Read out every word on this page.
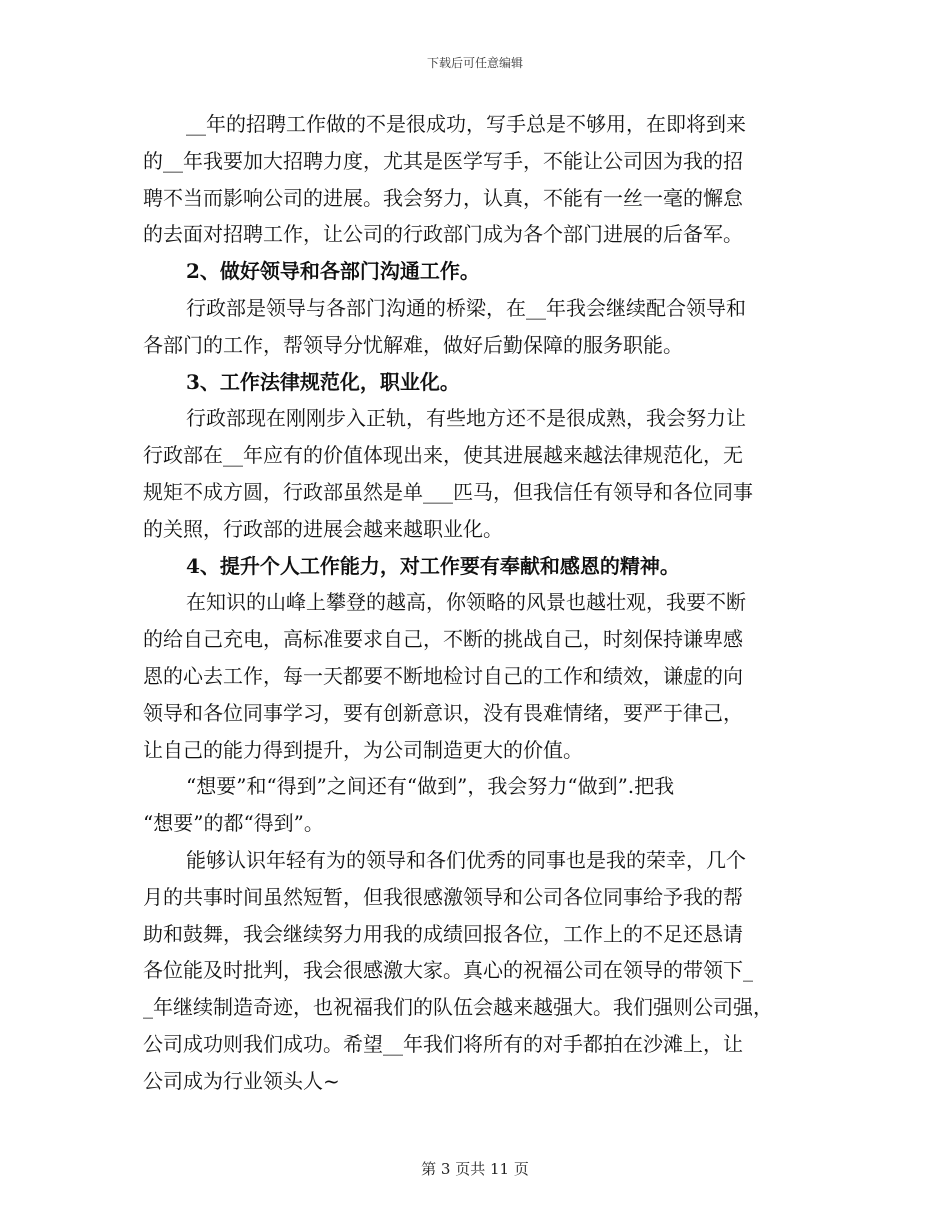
下载后可任意编辑
__年的招聘工作做的不是很成功，写手总是不够用，在即将到来
的__年我要加大招聘力度，尤其是医学写手，不能让公司因为我的招
聘不当而影响公司的进展。我会努力，认真，不能有一丝一毫的懈怠
的去面对招聘工作，让公司的行政部门成为各个部门进展的后备军。
2、做好领导和各部门沟通工作。
行政部是领导与各部门沟通的桥梁，在__年我会继续配合领导和
各部门的工作，帮领导分忧解难，做好后勤保障的服务职能。
3、工作法律规范化，职业化。
行政部现在刚刚步入正轨，有些地方还不是很成熟，我会努力让
行政部在__年应有的价值体现出来，使其进展越来越法律规范化，无
规矩不成方圆，行政部虽然是单___匹马，但我信任有领导和各位同事
的关照，行政部的进展会越来越职业化。
4、提升个人工作能力，对工作要有奉献和感恩的精神。
在知识的山峰上攀登的越高，你领略的风景也越壮观，我要不断
的给自己充电，高标准要求自己，不断的挑战自己，时刻保持谦卑感
恩的心去工作，每一天都要不断地检讨自己的工作和绩效，谦虚的向
领导和各位同事学习，要有创新意识，没有畏难情绪，要严于律己，
让自己的能力得到提升，为公司制造更大的价值。
“想要”和“得到”之间还有“做到”，我会努力“做到”.把我
“想要”的都“得到”。
能够认识年轻有为的领导和各们优秀的同事也是我的荣幸，几个
月的共事时间虽然短暂，但我很感激领导和公司各位同事给予我的帮
助和鼓舞，我会继续努力用我的成绩回报各位，工作上的不足还恳请
各位能及时批判，我会很感激大家。真心的祝福公司在领导的带领下_
_年继续制造奇迹，也祝福我们的队伍会越来越强大。我们强则公司强，
公司成功则我们成功。希望__年我们将所有的对手都拍在沙滩上，让
公司成为行业领头人~
第 3 页共 11 页
